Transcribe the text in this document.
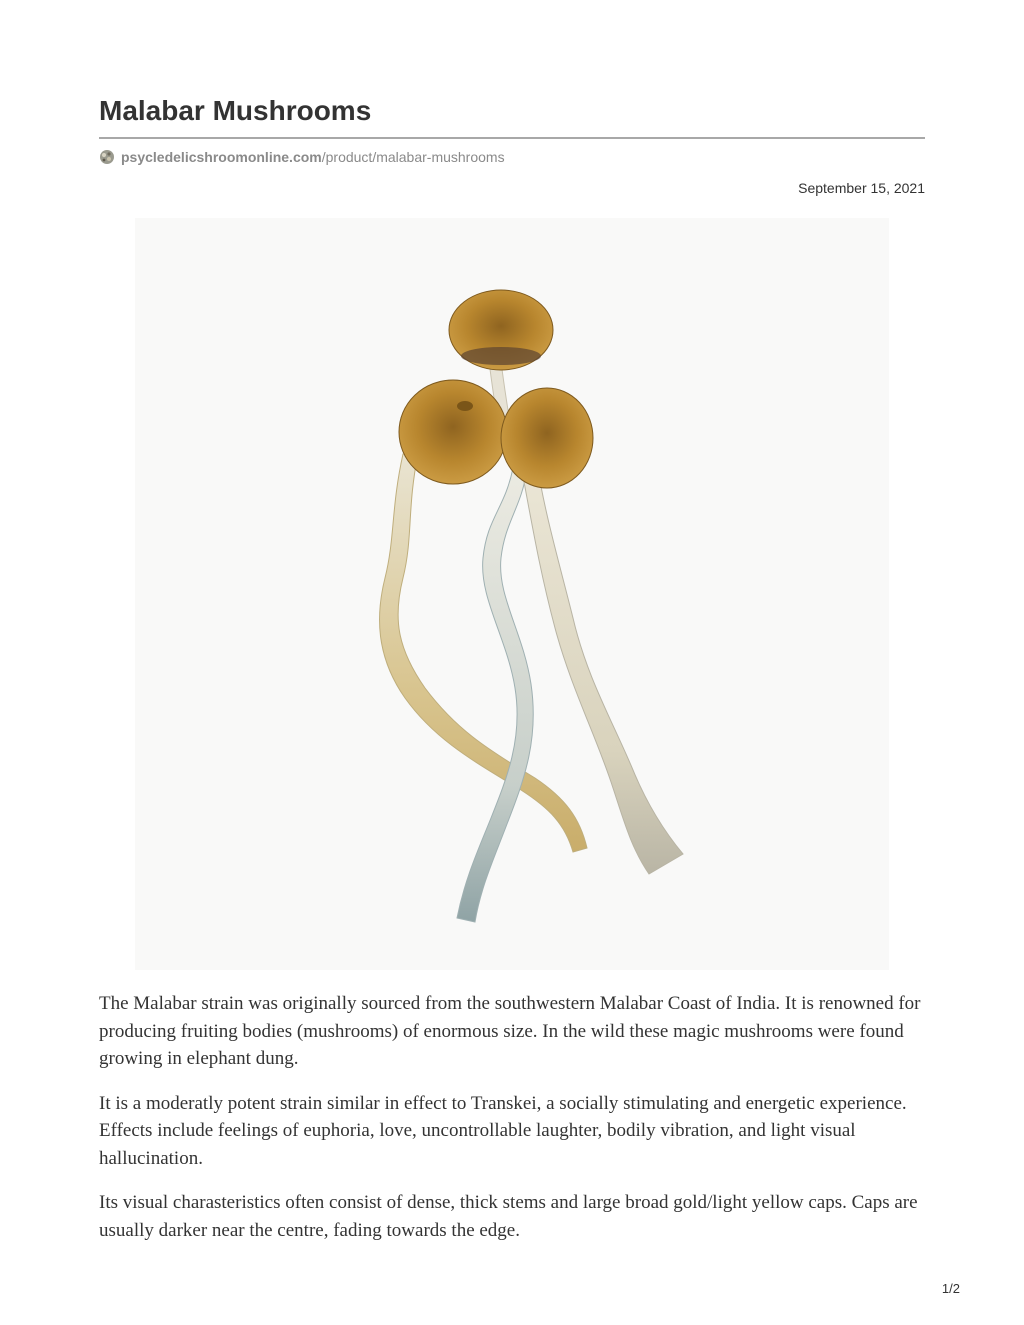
Malabar Mushrooms
psycledelicshroomonline.com/product/malabar-mushrooms
September 15, 2021

The Malabar strain was originally sourced from the southwestern Malabar Coast of India. It is renowned for producing fruiting bodies (mushrooms) of enormous size. In the wild these magic mushrooms were found growing in elephant dung.

It is a moderatly potent strain similar in effect to Transkei, a socially stimulating and energetic experience. Effects include feelings of euphoria, love, uncontrollable laughter, bodily vibration, and light visual hallucination.

Its visual charasteristics often consist of dense, thick stems and large broad gold/light yellow caps. Caps are usually darker near the centre, fading towards the edge.

1/2
